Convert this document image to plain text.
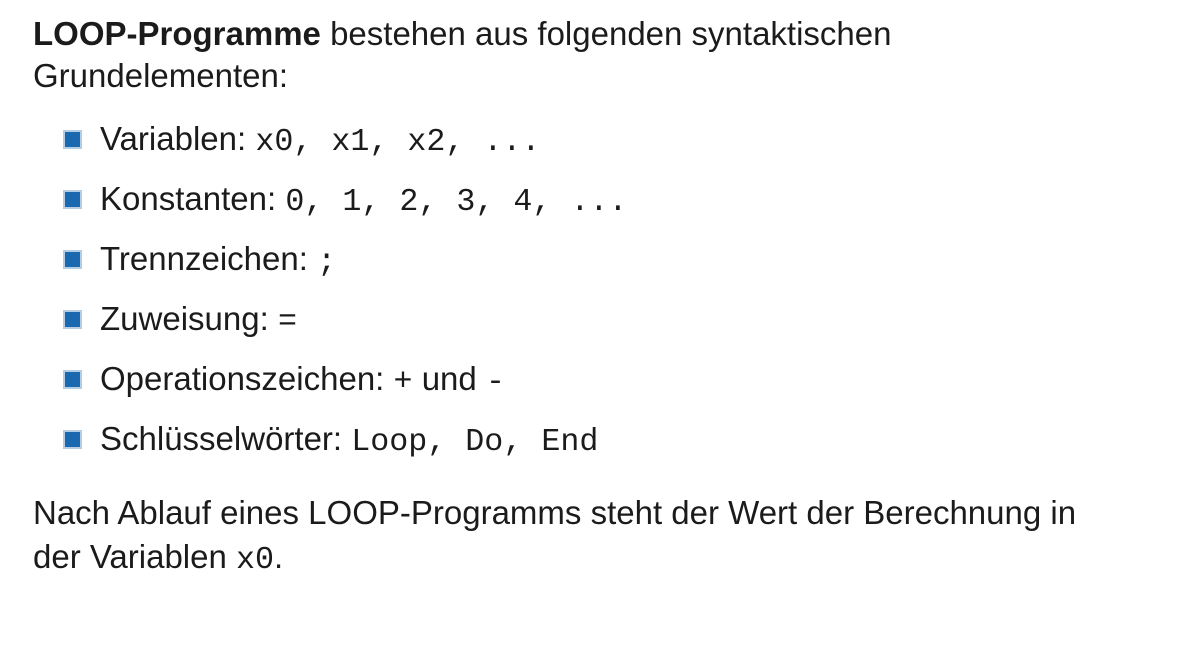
LOOP-Programme bestehen aus folgenden syntaktischen
Grundelementen:

Variablen: x0, x1, x2, ...
Konstanten: 0, 1, 2, 3, 4, ...
Trennzeichen: ;
Zuweisung: =
Operationszeichen: + und -
Schlüsselwörter: Loop, Do, End

Nach Ablauf eines LOOP-Programms steht der Wert der Berechnung in
der Variablen x0.
